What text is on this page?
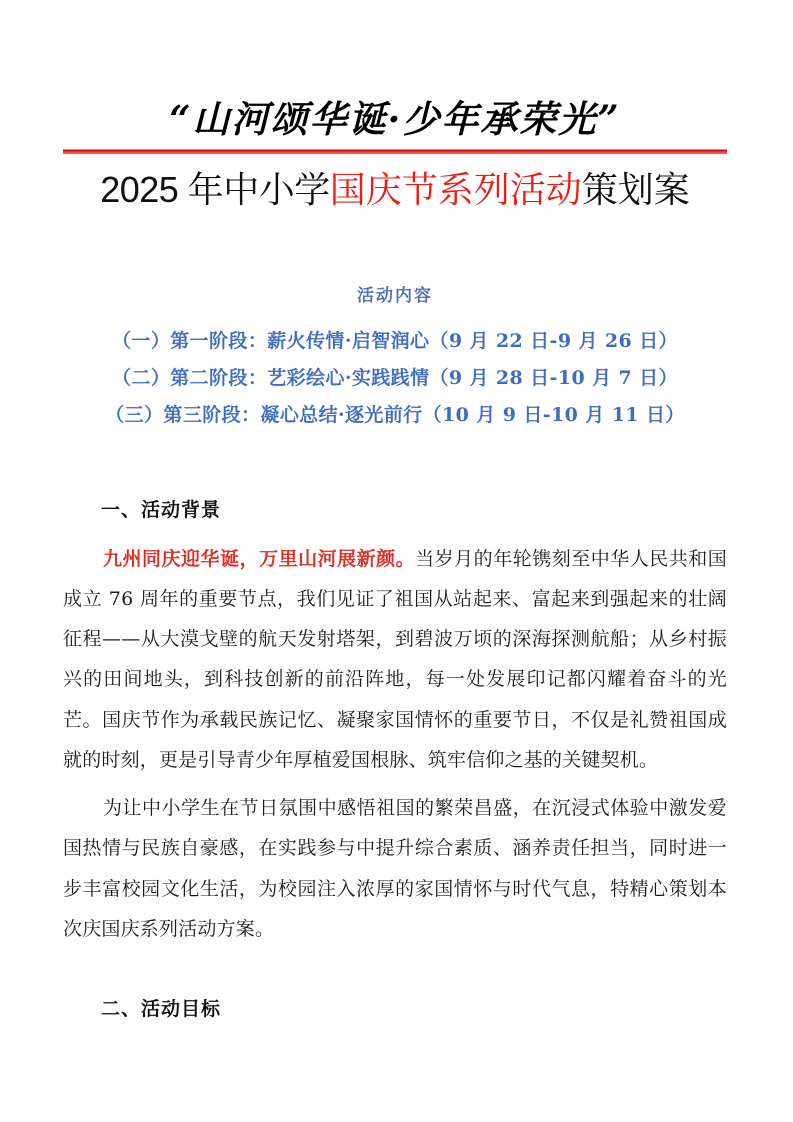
“山河颂华诞·少年承荣光”
2025 年中小学国庆节系列活动策划案
活动内容
（一）第一阶段：薪火传情·启智润心（9 月 22 日-9 月 26 日）
（二）第二阶段：艺彩绘心·实践践情（9 月 28 日-10 月 7 日）
（三）第三阶段：凝心总结·逐光前行（10 月 9 日-10 月 11 日）
一、活动背景

九州同庆迎华诞，万里山河展新颜。当岁月的年轮镌刻至中华人民共和国成立 76 周年的重要节点，我们见证了祖国从站起来、富起来到强起来的壮阔征程——从大漠戈壁的航天发射塔架，到碧波万顷的深海探测航船；从乡村振兴的田间地头，到科技创新的前沿阵地，每一处发展印记都闪耀着奋斗的光芒。国庆节作为承载民族记忆、凝聚家国情怀的重要节日，不仅是礼赞祖国成就的时刻，更是引导青少年厚植爱国根脉、筑牢信仰之基的关键契机。

为让中小学生在节日氛围中感悟祖国的繁荣昌盛，在沉浸式体验中激发爱国热情与民族自豪感，在实践参与中提升综合素质、涵养责任担当，同时进一步丰富校园文化生活，为校园注入浓厚的家国情怀与时代气息，特精心策划本次庆国庆系列活动方案。

二、活动目标
